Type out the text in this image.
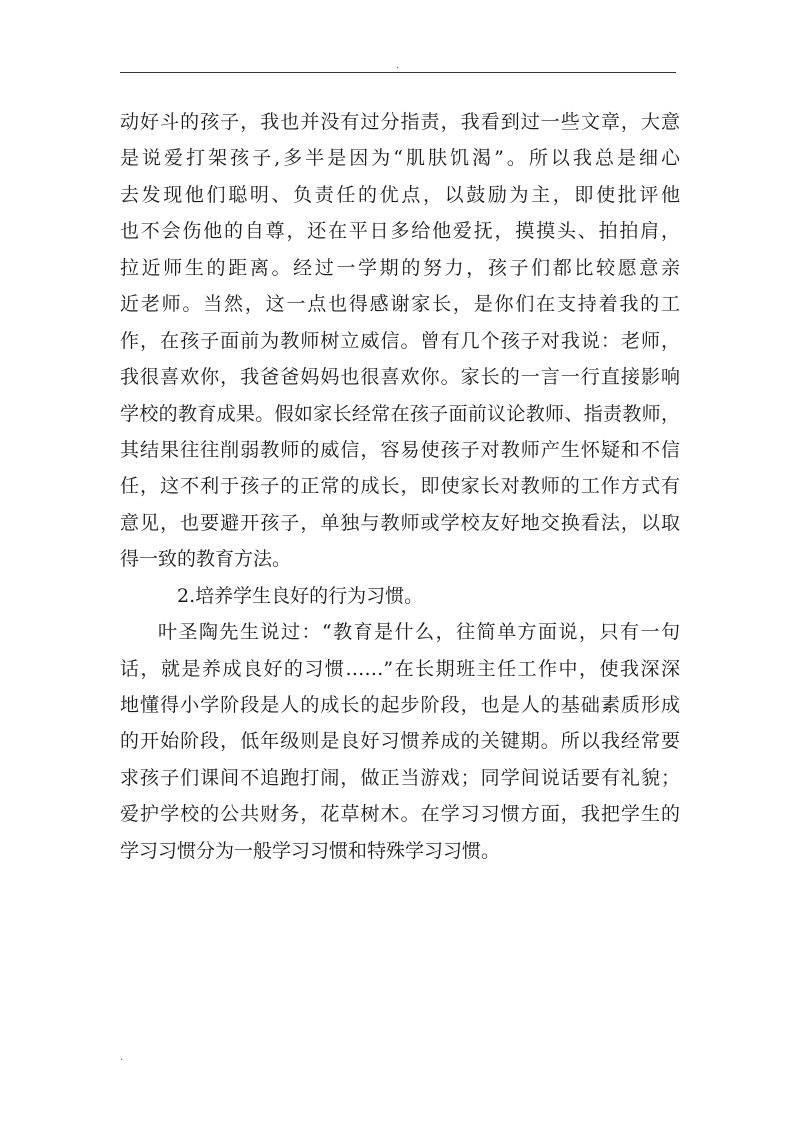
.
动好斗的孩子，我也并没有过分指责，我看到过一些文章，大意
是说爱打架孩子,多半是因为“肌肤饥渴”。所以我总是细心
去发现他们聪明、负责任的优点，以鼓励为主，即使批评他
也不会伤他的自尊，还在平日多给他爱抚，摸摸头、拍拍肩，
拉近师生的距离。经过一学期的努力，孩子们都比较愿意亲
近老师。当然，这一点也得感谢家长，是你们在支持着我的工
作，在孩子面前为教师树立威信。曾有几个孩子对我说：老师，
我很喜欢你，我爸爸妈妈也很喜欢你。家长的一言一行直接影响
学校的教育成果。假如家长经常在孩子面前议论教师、指责教师，
其结果往往削弱教师的威信，容易使孩子对教师产生怀疑和不信
任，这不利于孩子的正常的成长，即使家长对教师的工作方式有
意见，也要避开孩子，单独与教师或学校友好地交换看法，以取
得一致的教育方法。
2.培养学生良好的行为习惯。
叶圣陶先生说过：“教育是什么，往简单方面说，只有一句
话，就是养成良好的习惯……”在长期班主任工作中，使我深深
地懂得小学阶段是人的成长的起步阶段，也是人的基础素质形成
的开始阶段，低年级则是良好习惯养成的关键期。所以我经常要
求孩子们课间不追跑打闹，做正当游戏；同学间说话要有礼貌；
爱护学校的公共财务，花草树木。在学习习惯方面，我把学生的
学习习惯分为一般学习习惯和特殊学习习惯。
.
